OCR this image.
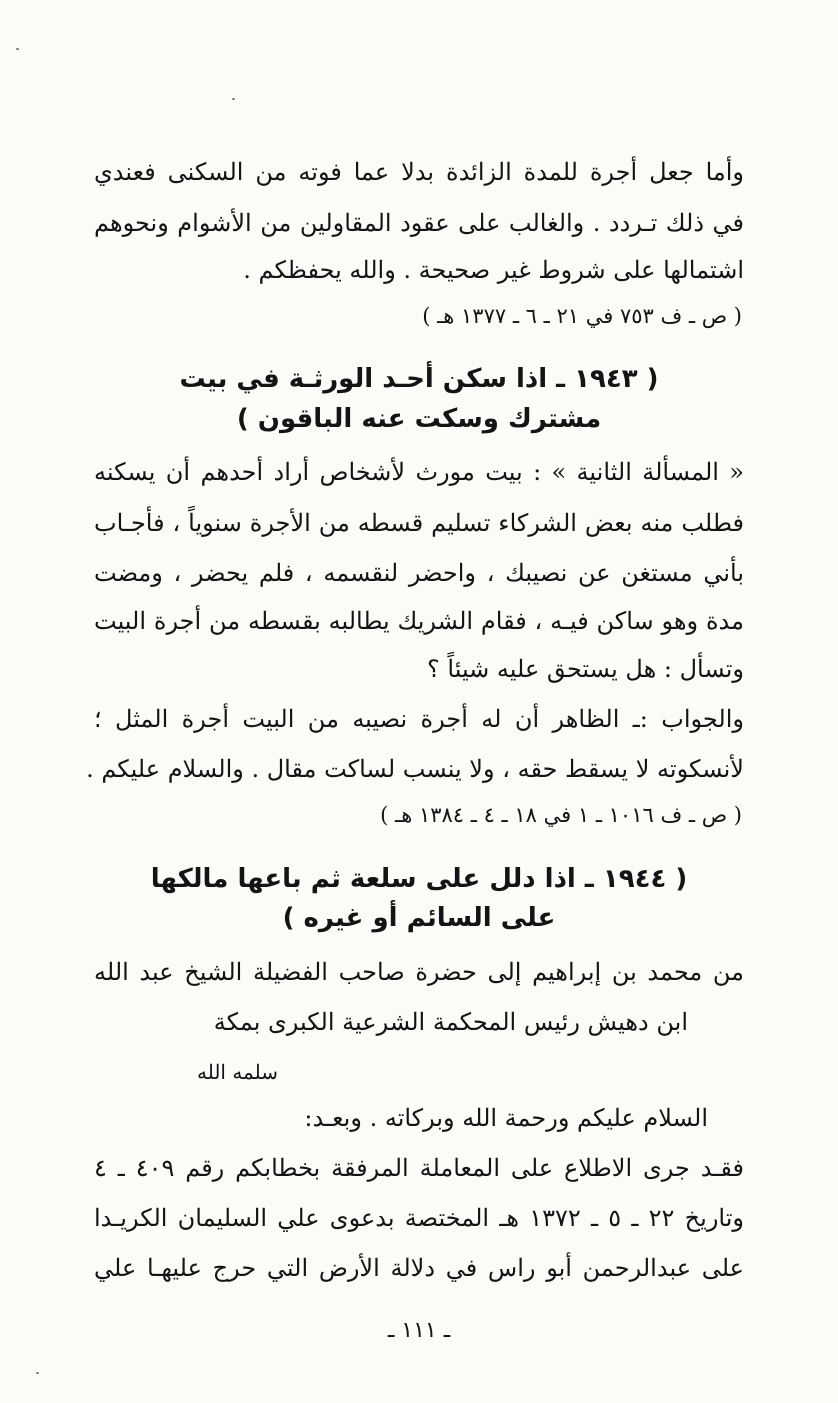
وأما جعل أجرة للمدة الزائدة بدلا عما فوته من السكنى فعندي
في ذلك تـردد . والغالب على عقود المقاولين من الأشوام ونحوهم
اشتمالها على شروط غير صحيحة . والله يحفظكم .
( ص ـ ف ٧٥٣ في ٢١ ـ ٦ ـ ١٣٧٧ هـ )
( ١٩٤٣ ـ اذا سكن أحـد الورثـة في بيت
مشترك وسكت عنه الباقون )
« المسألة الثانية » : بيت مورث لأشخاص أراد أحدهم أن يسكنه
فطلب منه بعض الشركاء تسليم قسطه من الأجرة سنوياً ، فأجـاب
بأني مستغن عن نصيبك ، واحضر لنقسمه ، فلم يحضر ، ومضت
مدة وهو ساكن فيـه ، فقام الشريك يطالبه بقسطه من أجرة البيت
وتسأل : هل يستحق عليه شيئاً ؟
والجواب :ـ الظاهر أن له أجرة نصيبه من البيت أجرة المثل ؛
لأنسكوته لا يسقط حقه ، ولا ينسب لساكت مقال . والسلام عليكم .
( ص ـ ف ١٠١٦ ـ ١ في ١٨ ـ ٤ ـ ١٣٨٤ هـ )
( ١٩٤٤ ـ اذا دلل على سلعة ثم باعها مالكها
على السائم أو غيره )
من محمد بن إبراهيم إلى حضرة صاحب الفضيلة الشيخ عبد الله
ابن دهيش رئيس المحكمة الشرعية الكبرى بمكة
سلمه الله
السلام عليكم ورحمة الله وبركاته . وبعـد:
فقـد جرى الاطلاع على المعاملة المرفقة بخطابكم رقم ٤٠٩ ـ ٤
وتاريخ ٢٢ ـ ٥ ـ ١٣٧٢ هـ المختصة بدعوى علي السليمان الكريـدا
على عبدالرحمن أبو راس في دلالة الأرض التي حرج عليهـا علي
ـ ١١١ ـ
